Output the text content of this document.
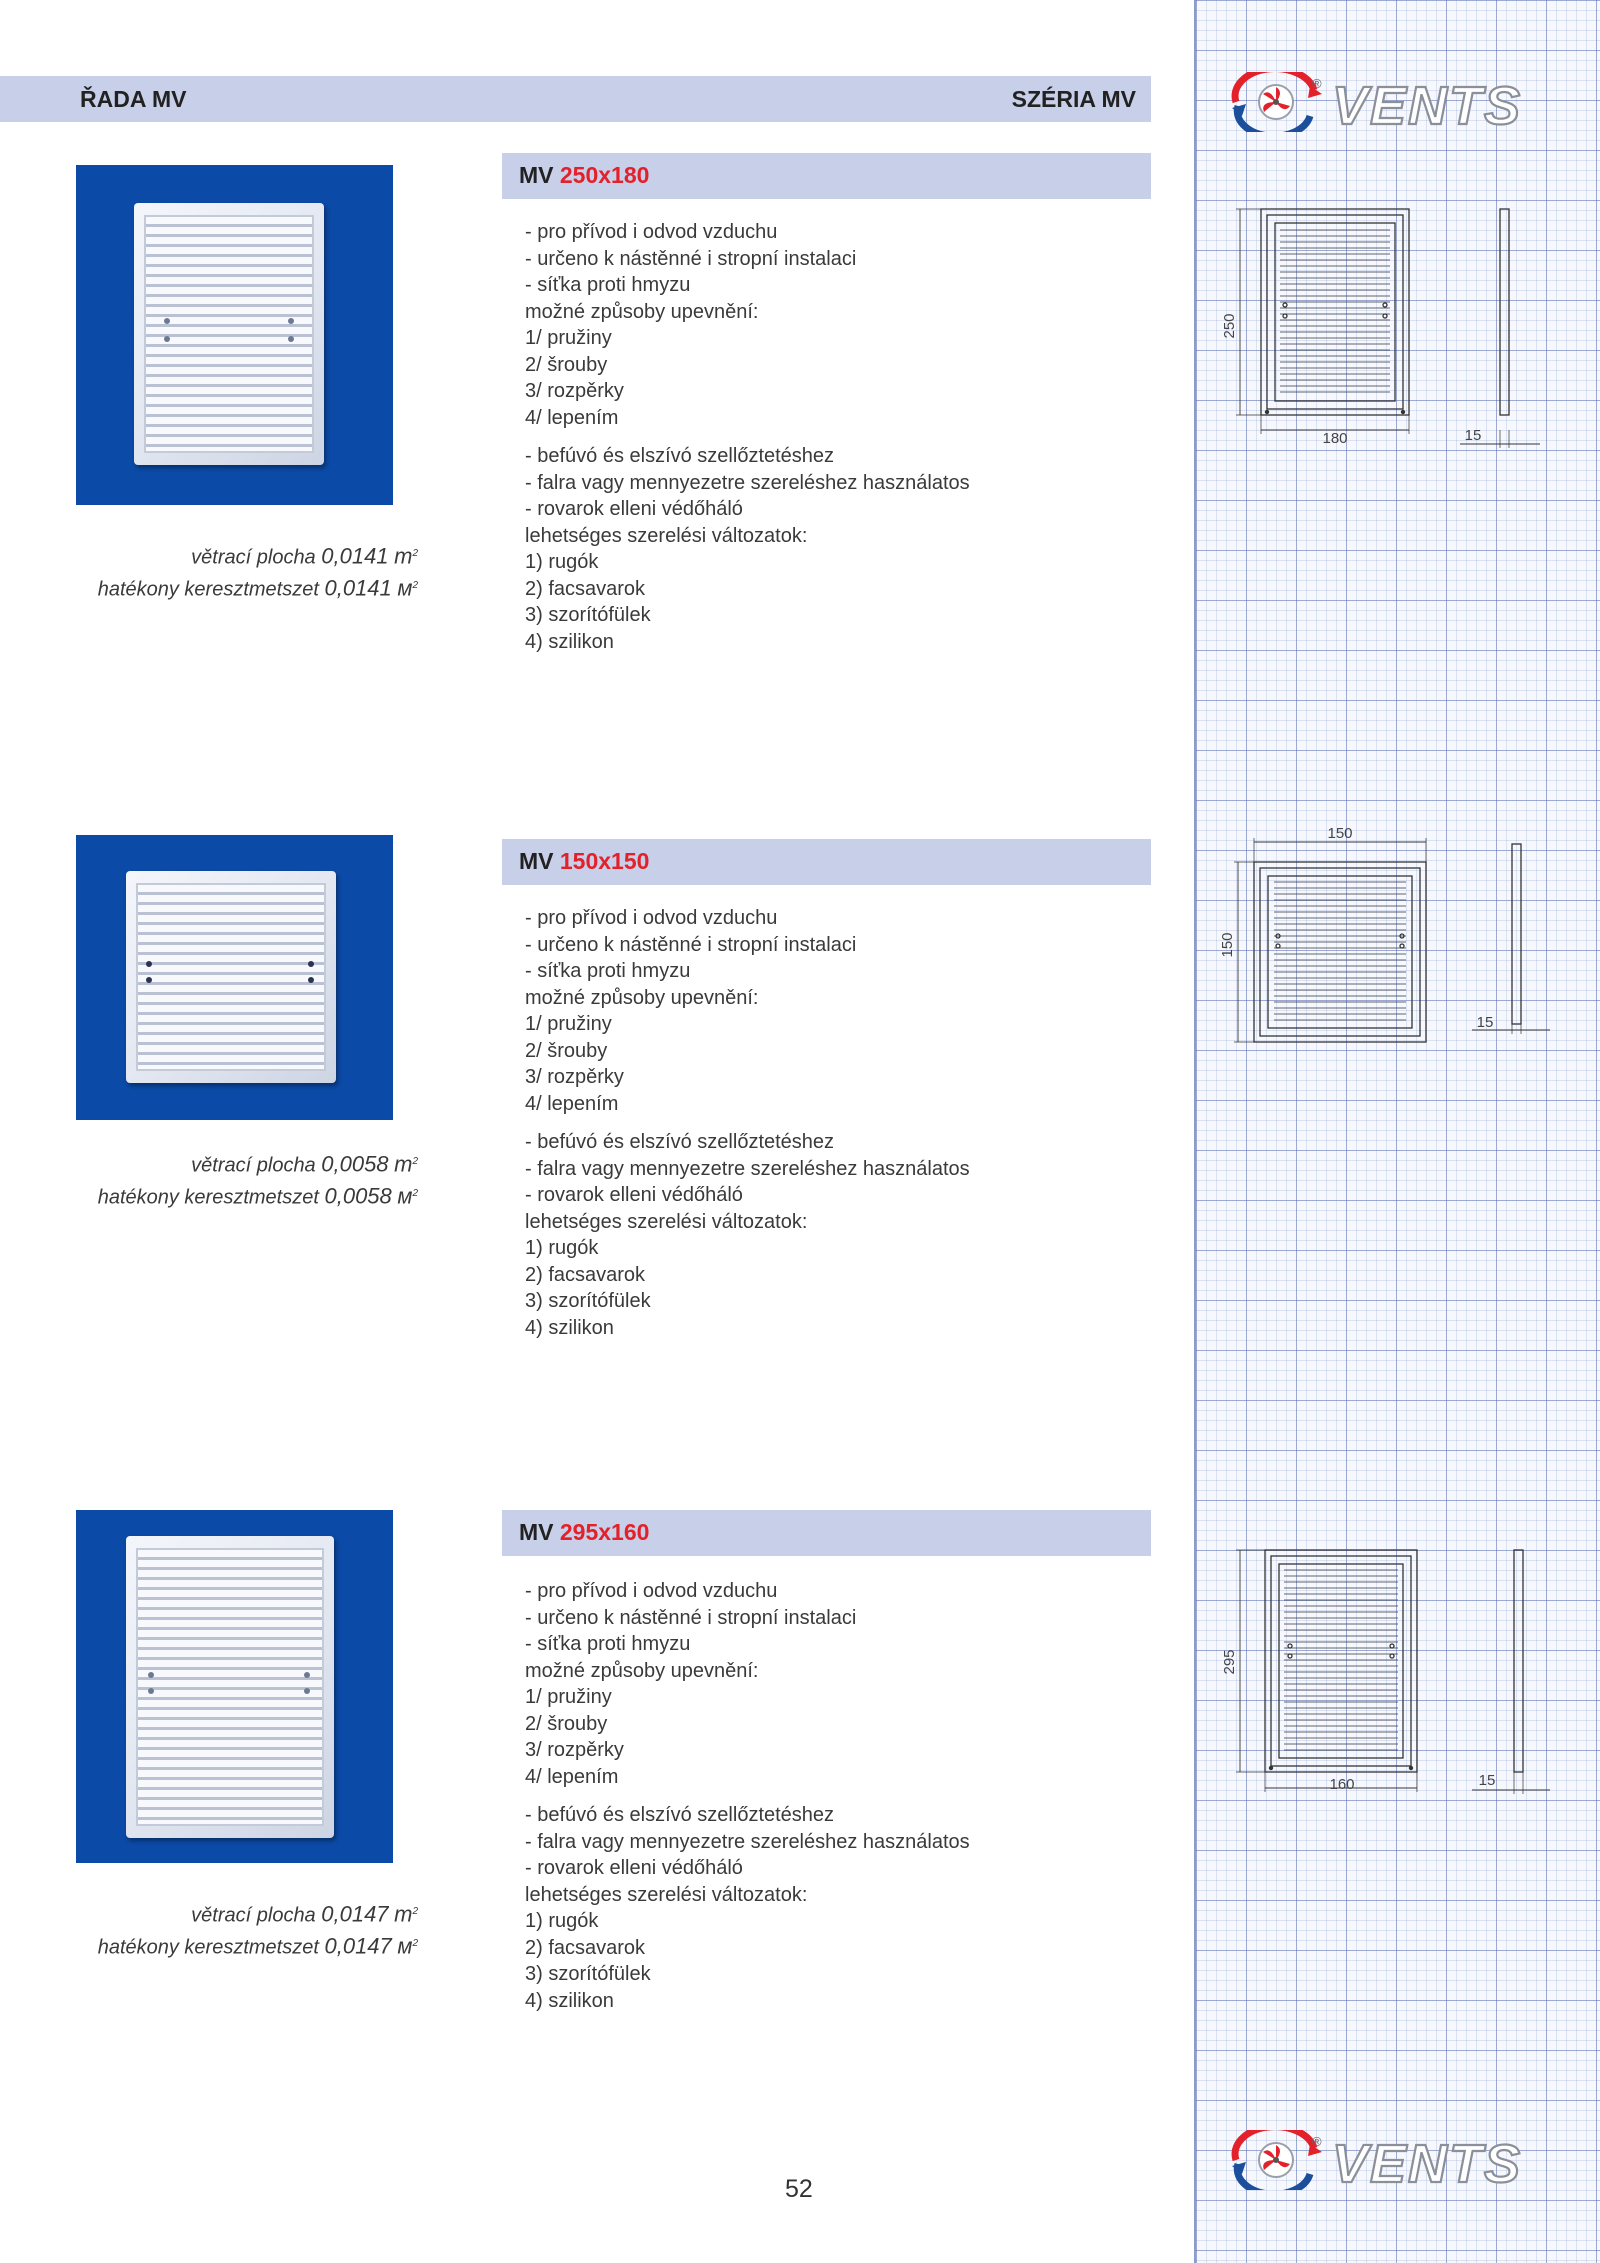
ŘADA MV	SZÉRIA MV
® VENTS
MV 250x180
- pro přívod i odvod vzduchu
- určeno k nástěnné i stropní instalaci
- síťka proti hmyzu
možné způsoby upevnění:
1/ pružiny
2/ šrouby
3/ rozpěrky
4/ lepením
- befúvó és elszívó szellőztetéshez
- falra vagy mennyezetre szereléshez használatos
- rovarok elleni védőháló
lehetséges szerelési változatok:
1) rugók
2) facsavarok
3) szorítófülek
4) szilikon
větrací plocha 0,0141 $m^2$
hatékony keresztmetszet 0,0141 $м^2$
250
180	15
MV 150x150
- pro přívod i odvod vzduchu
- určeno k nástěnné i stropní instalaci
- síťka proti hmyzu
možné způsoby upevnění:
1/ pružiny
2/ šrouby
3/ rozpěrky
4/ lepením
- befúvó és elszívó szellőztetéshez
- falra vagy mennyezetre szereléshez használatos
- rovarok elleni védőháló
lehetséges szerelési változatok:
1) rugók
2) facsavarok
3) szorítófülek
4) szilikon
větrací plocha 0,0058 $m^2$
hatékony keresztmetszet 0,0058 $м^2$
150
150
15
MV 295x160
- pro přívod i odvod vzduchu
- určeno k nástěnné i stropní instalaci
- síťka proti hmyzu
možné způsoby upevnění:
1/ pružiny
2/ šrouby
3/ rozpěrky
4/ lepením
- befúvó és elszívó szellőztetéshez
- falra vagy mennyezetre szereléshez használatos
- rovarok elleni védőháló
lehetséges szerelési változatok:
1) rugók
2) facsavarok
3) szorítófülek
4) szilikon
větrací plocha 0,0147 $m^2$
hatékony keresztmetszet 0,0147 $м^2$
295
160	15
52
® VENTS
